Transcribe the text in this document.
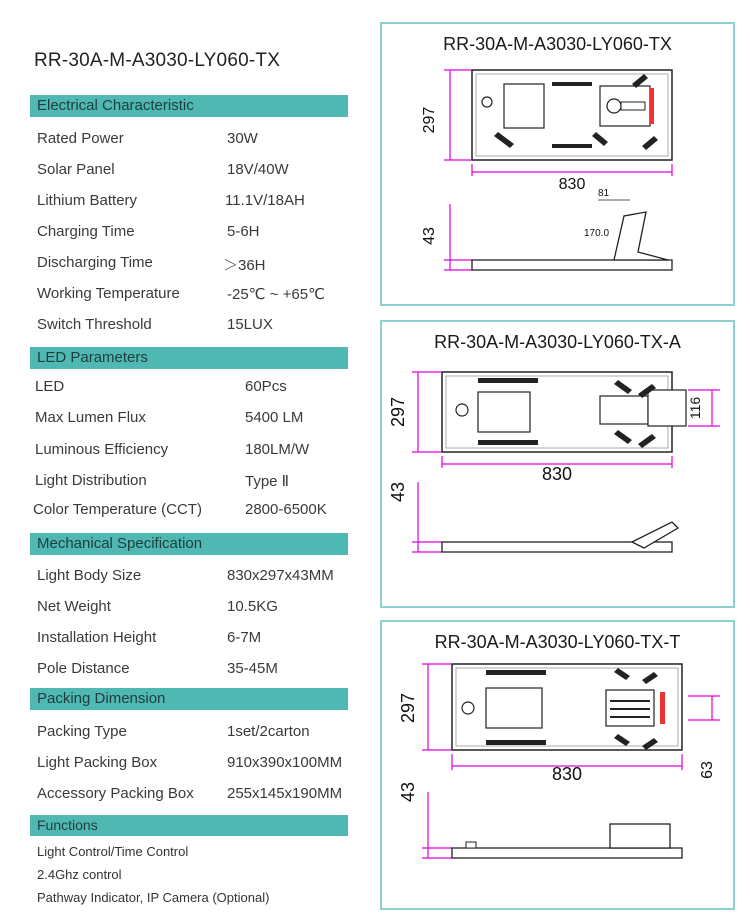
RR-30A-M-A3030-LY060-TX
Electrical Characteristic
Rated Power	30W
Solar Panel	18V/40W
Lithium Battery	11.1V/18AH
Charging Time	5-6H
Discharging Time	＞36H
Working Temperature	-25℃ ~ +65℃
Switch Threshold	15LUX
LED Parameters
LED	60Pcs
Max Lumen Flux	5400 LM
Luminous Efficiency	180LM/W
Light Distribution	Type Ⅱ
Color Temperature (CCT)	2800-6500K
Mechanical Specification
Light Body Size	830x297x43MM
Net Weight	10.5KG
Installation Height	6-7M
Pole Distance	35-45M
Packing Dimension
Packing Type	1set/2carton
Light Packing Box	910x390x100MM
Accessory Packing Box 255x145x190MM
Functions
Light Control/Time Control
2.4Ghz control
Pathway Indicator, IP Camera (Optional)
RR-30A-M-A3030-LY060-TX
297
830
43
81
170.0
RR-30A-M-A3030-LY060-TX-A
297
830
116
43
RR-30A-M-A3030-LY060-TX-T
297
830	63
43
